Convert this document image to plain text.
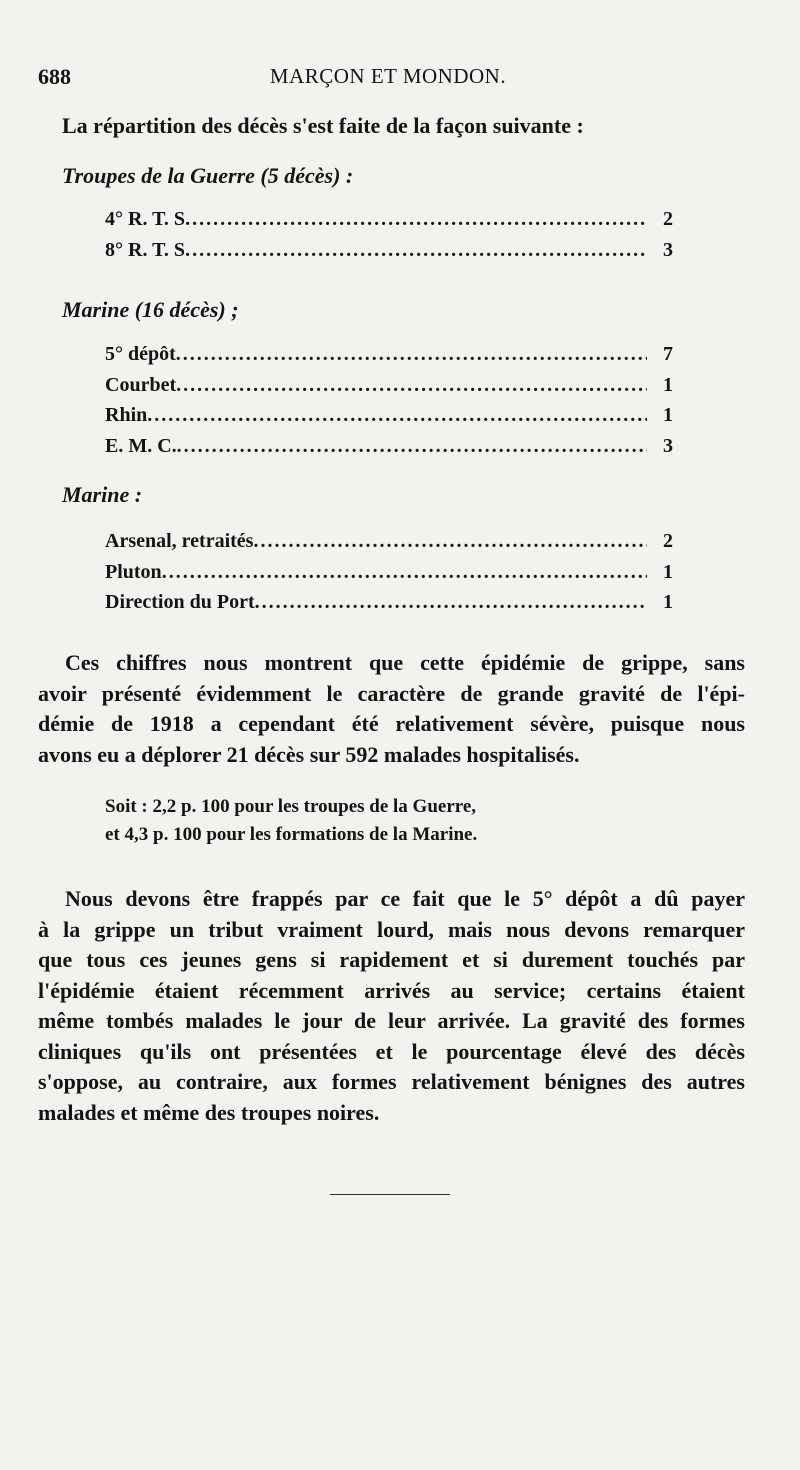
688	MARÇON ET MONDON.
La répartition des décès s'est faite de la façon suivante :
Troupes de la Guerre (5 décès) :
4° R. T. S .....	2
8° R. T. S .....	3
Marine (16 décès) ;
5° dépôt .....	7
Courbet .....	1
Rhin .....	1
E. M. C. .....	3
Marine :
Arsenal, retraités .....	2
Pluton .....	1
Direction du Port .....	1
Ces chiffres nous montrent que cette épidémie de grippe, sans
avoir présenté évidemment le caractère de grande gravité de l'épi-
démie de 1918 a cependant été relativement sévère, puisque nous
avons eu a déplorer 21 décès sur 592 malades hospitalisés.
Soit : 2,2 p. 100 pour les troupes de la Guerre,
et 4,3 p. 100 pour les formations de la Marine.
Nous devons être frappés par ce fait que le 5° dépôt a dû payer
à la grippe un tribut vraiment lourd, mais nous devons remarquer
que tous ces jeunes gens si rapidement et si durement touchés par
l'épidémie étaient récemment arrivés au service; certains étaient
même tombés malades le jour de leur arrivée. La gravité des formes
cliniques qu'ils ont présentées et le pourcentage élevé des décès
s'oppose, au contraire, aux formes relativement bénignes des autres
malades et même des troupes noires.
